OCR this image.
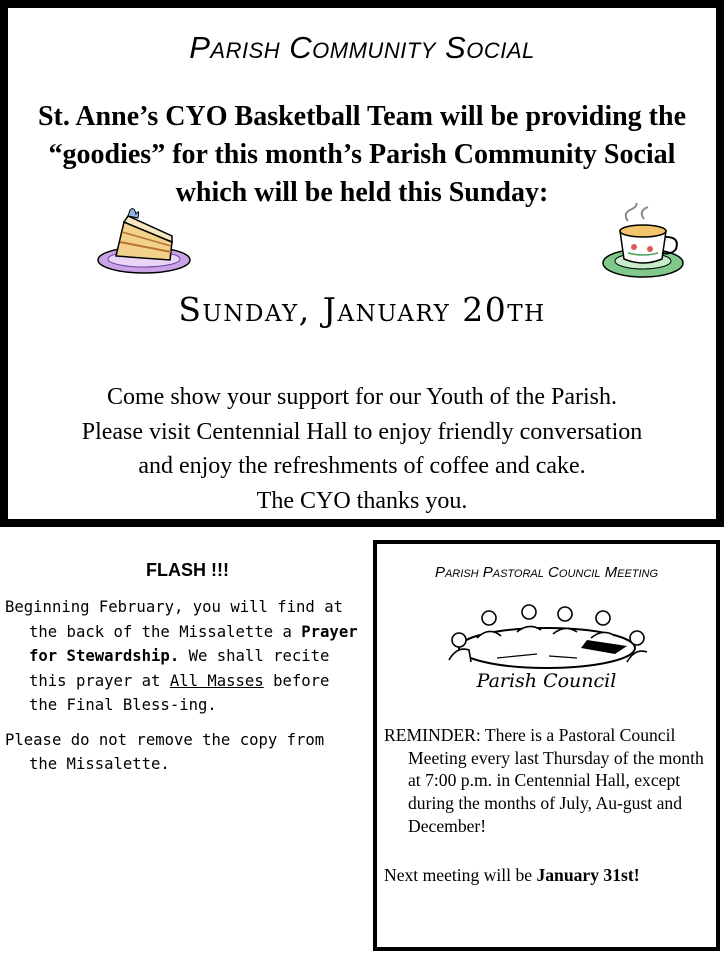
Parish Community Social
St. Anne’s CYO Basketball Team will be providing the “goodies” for this month’s Parish Community Social which will be held this Sunday:
Sunday, January 20th
Come show your support for our Youth of the Parish.
Please visit Centennial Hall to enjoy friendly conversation
and enjoy the refreshments of coffee and cake.
The CYO thanks you.
FLASH !!!
Beginning February, you will find at the back of the Missalette a Prayer for Stewardship. We shall recite this prayer at All Masses before the Final Bless-ing.
Please do not remove the copy from the Missalette.
Parish Pastoral Council Meeting
Parish Council
REMINDER: There is a Pastoral Council Meeting every last Thursday of the month at 7:00 p.m. in Centennial Hall, except during the months of July, Au-gust and December!
Next meeting will be January 31st!
